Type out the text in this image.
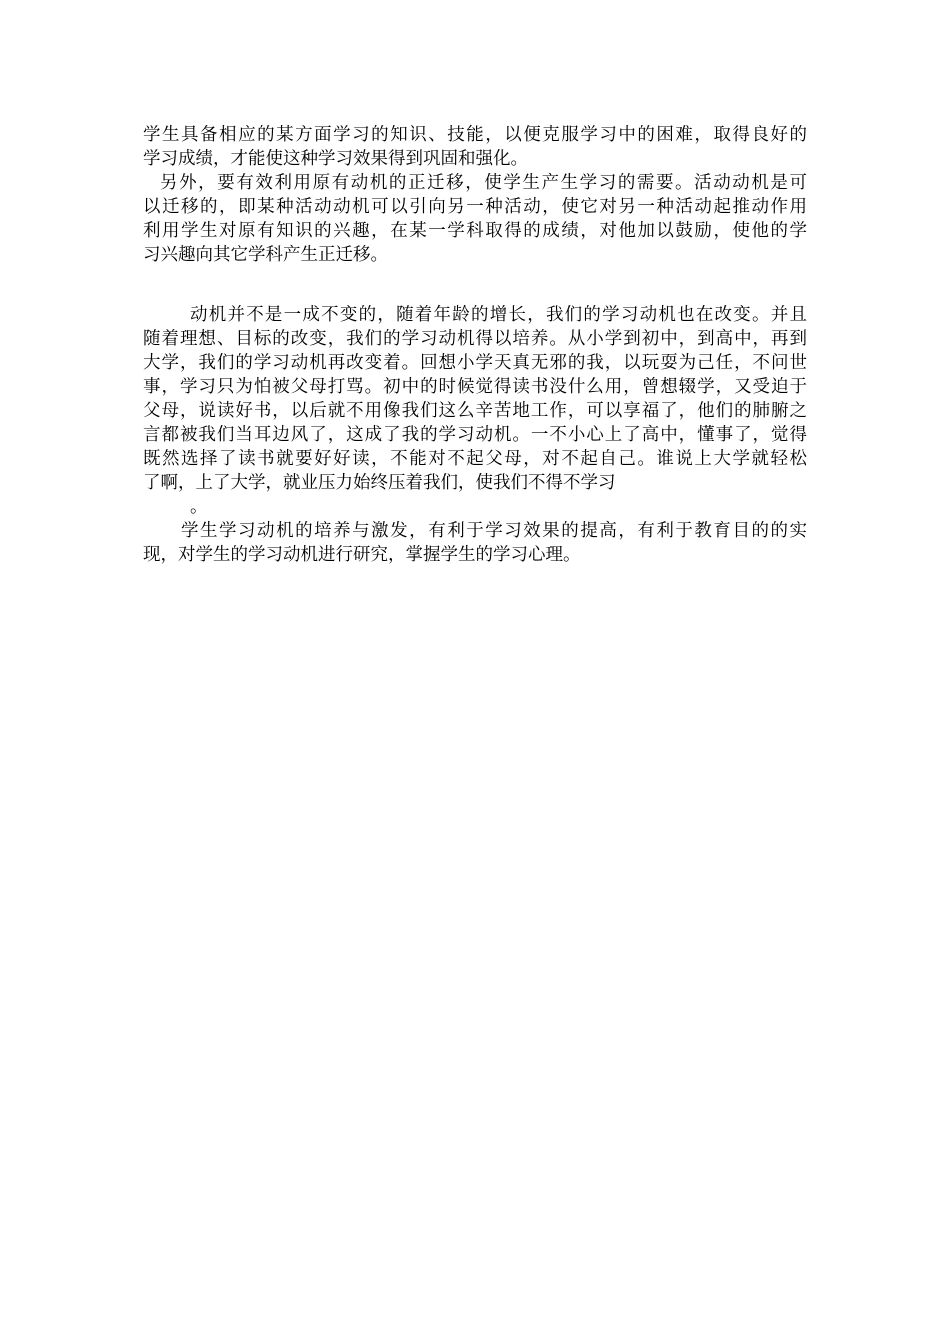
学生具备相应的某方面学习的知识、技能，以便克服学习中的困难，取得良好的
学习成绩，才能使这种学习效果得到巩固和强化。
另外，要有效利用原有动机的正迁移，使学生产生学习的需要。活动动机是可
以迁移的，即某种活动动机可以引向另一种活动，使它对另一种活动起推动作用
利用学生对原有知识的兴趣，在某一学科取得的成绩，对他加以鼓励，使他的学
习兴趣向其它学科产生正迁移。
动机并不是一成不变的，随着年龄的增长，我们的学习动机也在改变。并且
随着理想、目标的改变，我们的学习动机得以培养。从小学到初中，到高中，再到
大学，我们的学习动机再改变着。回想小学天真无邪的我，以玩耍为己任，不问世
事，学习只为怕被父母打骂。初中的时候觉得读书没什么用，曾想辍学，又受迫于
父母，说读好书，以后就不用像我们这么辛苦地工作，可以享福了，他们的肺腑之
言都被我们当耳边风了，这成了我的学习动机。一不小心上了高中，懂事了，觉得
既然选择了读书就要好好读，不能对不起父母，对不起自己。谁说上大学就轻松
了啊，上了大学，就业压力始终压着我们，使我们不得不学习
。
学生学习动机的培养与激发，有利于学习效果的提高，有利于教育目的的实
现，对学生的学习动机进行研究，掌握学生的学习心理。
